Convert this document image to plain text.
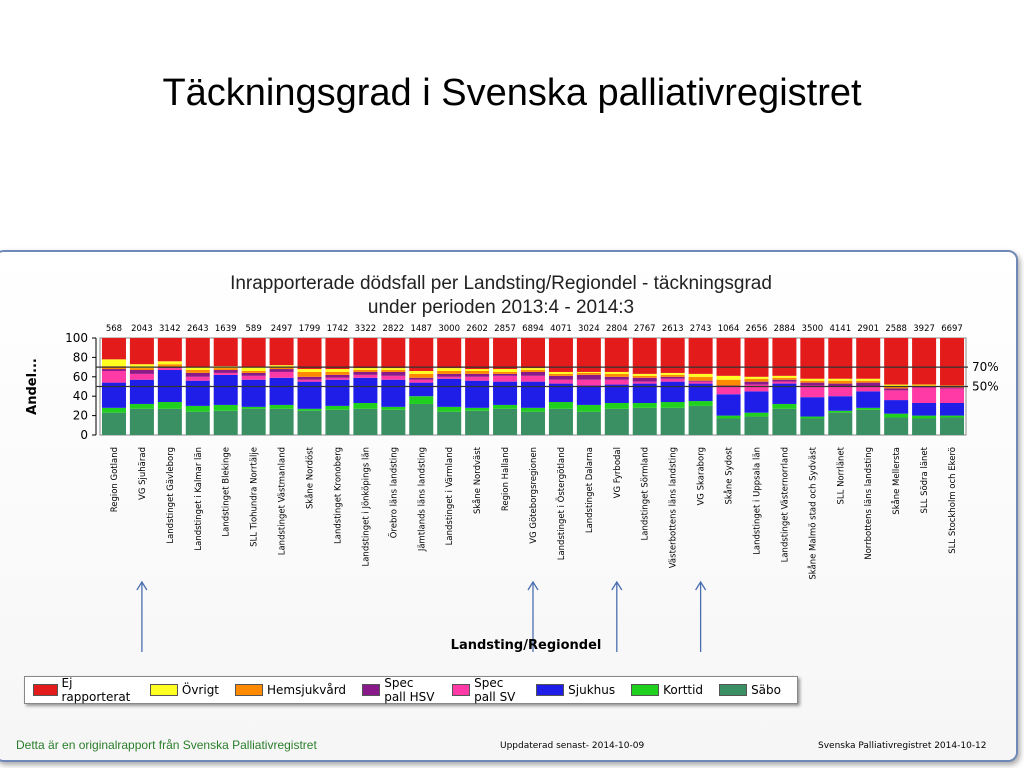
Täckningsgrad i Svenska palliativregistret
Inrapporterade dödsfall per Landsting/Regiondel - täckningsgrad
under perioden 2013:4 - 2014:3
0
20
40
60
80
100
Andel...
568
Region Gotland
2043
VG Sjuhärad
3142
Landstinget Gävleborg
2643
Landstinget i Kalmar län
1639
Landstinget Blekinge
589
SLL Tiohundra Norrtälje
2497
Landstinget Västmanland
1799
Skåne Nordöst
1742
Landstinget Kronoberg
3322
Landstinget i Jönköpings län
2822
Örebro läns landsting
1487
Jämtlands läns landsting
3000
Landstinget i Värmland
2602
Skåne Nordväst
2857
Region Halland
6894
VG Göteborgsregionen
4071
Landstinget i Östergötland
3024
Landstinget Dalarna
2804
VG Fyrbodal
2767
Landstinget Sörmland
2613
Västerbottens läns landsting
2743
VG Skaraborg
1064
Skåne Sydost
2656
Landstinget i Uppsala län
2884
Landstinget Västernorrland
3500
Skåne Malmö stad och Sydväst
4141
SLL Norrlänet
2901
Norrbottens läns landsting
2588
Skåne Mellersta
3927
SLL Södra länet
6697
SLL Stockholm och Ekerö
70%
50%
Landsting/Regiondel
Ej rapporterat	Övrigt	Hemsjukvård	Spec pall HSV
Spec pall SV	Sjukhus	Korttid	Säbo
Detta är en originalrapport från Svenska Palliativregistret	Uppdaterad senast- 2014-10-09	Svenska Palliativregistret 2014-10-12
